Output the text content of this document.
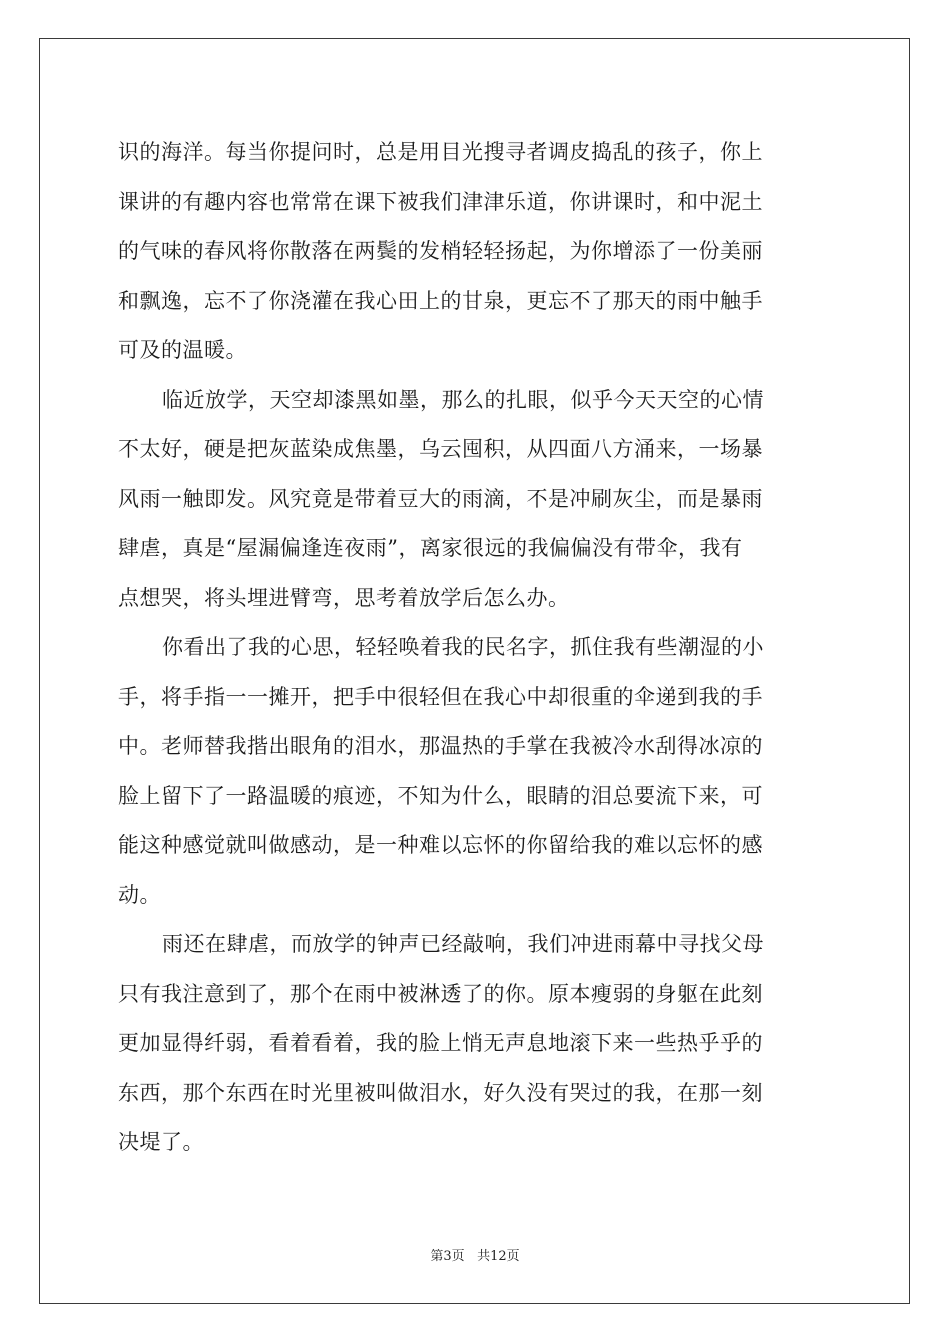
识的海洋。每当你提问时，总是用目光搜寻者调皮捣乱的孩子，你上
课讲的有趣内容也常常在课下被我们津津乐道，你讲课时，和中泥土
的气味的春风将你散落在两鬓的发梢轻轻扬起，为你增添了一份美丽
和飘逸，忘不了你浇灌在我心田上的甘泉，更忘不了那天的雨中触手
可及的温暖。
临近放学，天空却漆黑如墨，那么的扎眼，似乎今天天空的心情
不太好，硬是把灰蓝染成焦墨，乌云囤积，从四面八方涌来，一场暴
风雨一触即发。风究竟是带着豆大的雨滴，不是冲刷灰尘，而是暴雨
肆虐，真是“屋漏偏逢连夜雨”，离家很远的我偏偏没有带伞，我有
点想哭，将头埋进臂弯，思考着放学后怎么办。
你看出了我的心思，轻轻唤着我的民名字，抓住我有些潮湿的小
手，将手指一一摊开，把手中很轻但在我心中却很重的伞递到我的手
中。老师替我揩出眼角的泪水，那温热的手掌在我被冷水刮得冰凉的
脸上留下了一路温暖的痕迹，不知为什么，眼睛的泪总要流下来，可
能这种感觉就叫做感动，是一种难以忘怀的你留给我的难以忘怀的感
动。
雨还在肆虐，而放学的钟声已经敲响，我们冲进雨幕中寻找父母
只有我注意到了，那个在雨中被淋透了的你。原本瘦弱的身躯在此刻
更加显得纤弱，看着看着，我的脸上悄无声息地滚下来一些热乎乎的
东西，那个东西在时光里被叫做泪水，好久没有哭过的我，在那一刻
决堤了。
第3页 共12页
